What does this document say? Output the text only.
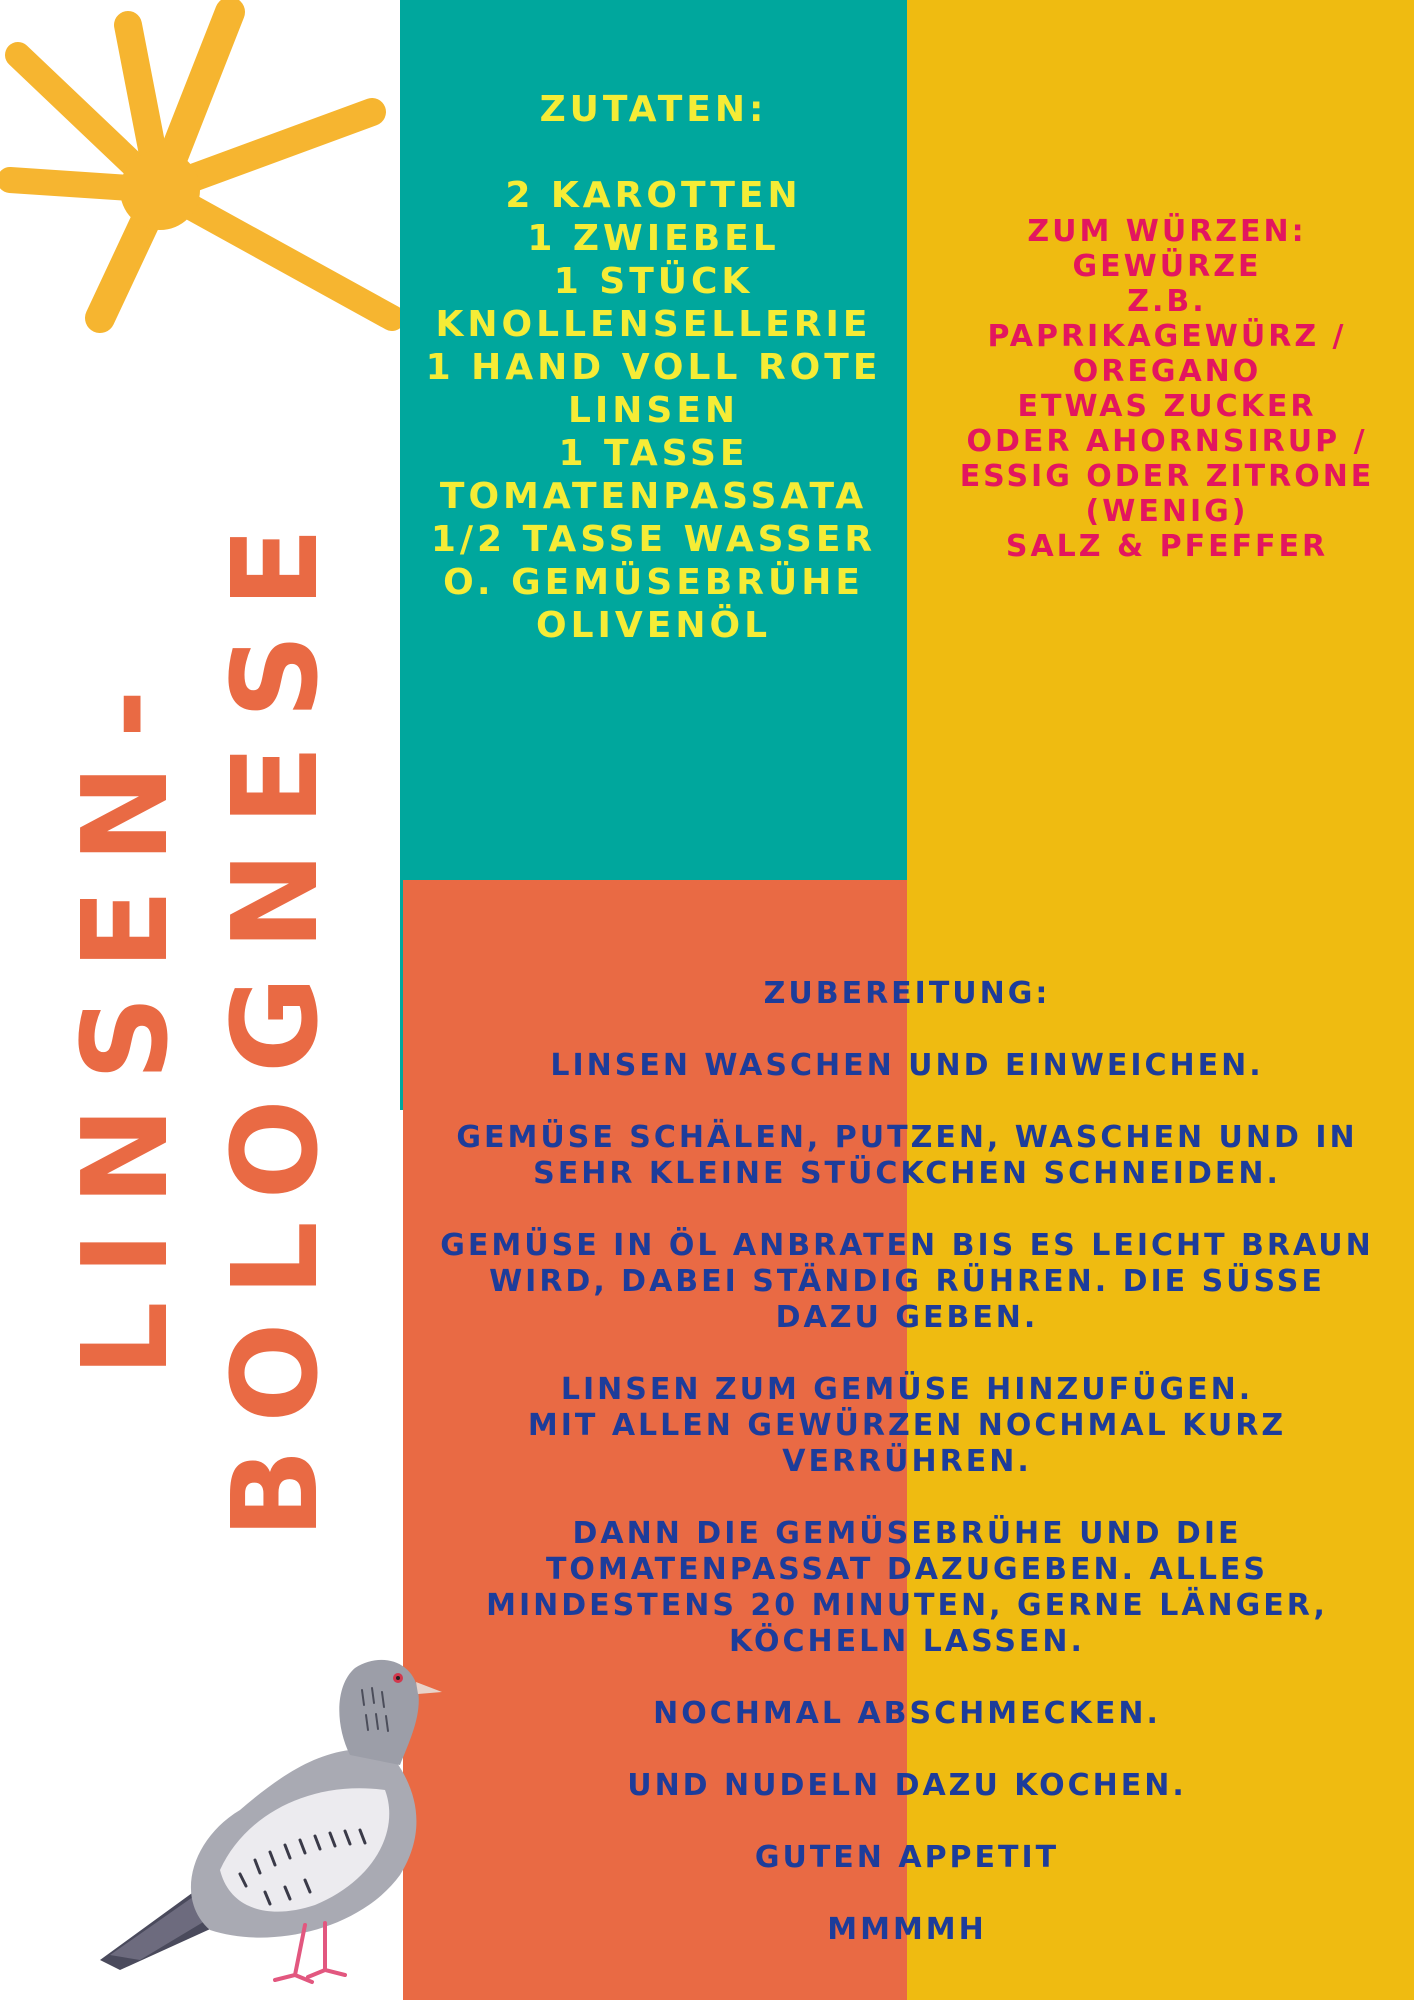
LINSEN- BOLOGNESE
ZUTATEN:
2 KAROTTEN
1 ZWIEBEL
1 STÜCK
KNOLLENSELLERIE
1 HAND VOLL ROTE
LINSEN
1 TASSE
TOMATENPASSATA
1/2 TASSE WASSER
O. GEMÜSEBRÜHE
OLIVENÖL
ZUM WÜRZEN:
GEWÜRZE
Z.B.
PAPRIKAGEWÜRZ /
OREGANO
ETWAS ZUCKER
ODER AHORNSIRUP /
ESSIG ODER ZITRONE
(WENIG)
SALZ & PFEFFER
ZUBEREITUNG:
LINSEN WASCHEN UND EINWEICHEN.
GEMÜSE SCHÄLEN, PUTZEN, WASCHEN UND IN
SEHR KLEINE STÜCKCHEN SCHNEIDEN.
GEMÜSE IN ÖL ANBRATEN BIS ES LEICHT BRAUN
WIRD, DABEI STÄNDIG RÜHREN. DIE SÜSSE
DAZU GEBEN.
LINSEN ZUM GEMÜSE HINZUFÜGEN.
MIT ALLEN GEWÜRZEN NOCHMAL KURZ
VERRÜHREN.
DANN DIE GEMÜSEBRÜHE UND DIE
TOMATENPASSAT DAZUGEBEN. ALLES
MINDESTENS 20 MINUTEN, GERNE LÄNGER,
KÖCHELN LASSEN.
NOCHMAL ABSCHMECKEN.
UND NUDELN DAZU KOCHEN.
GUTEN APPETIT
MMMMH
